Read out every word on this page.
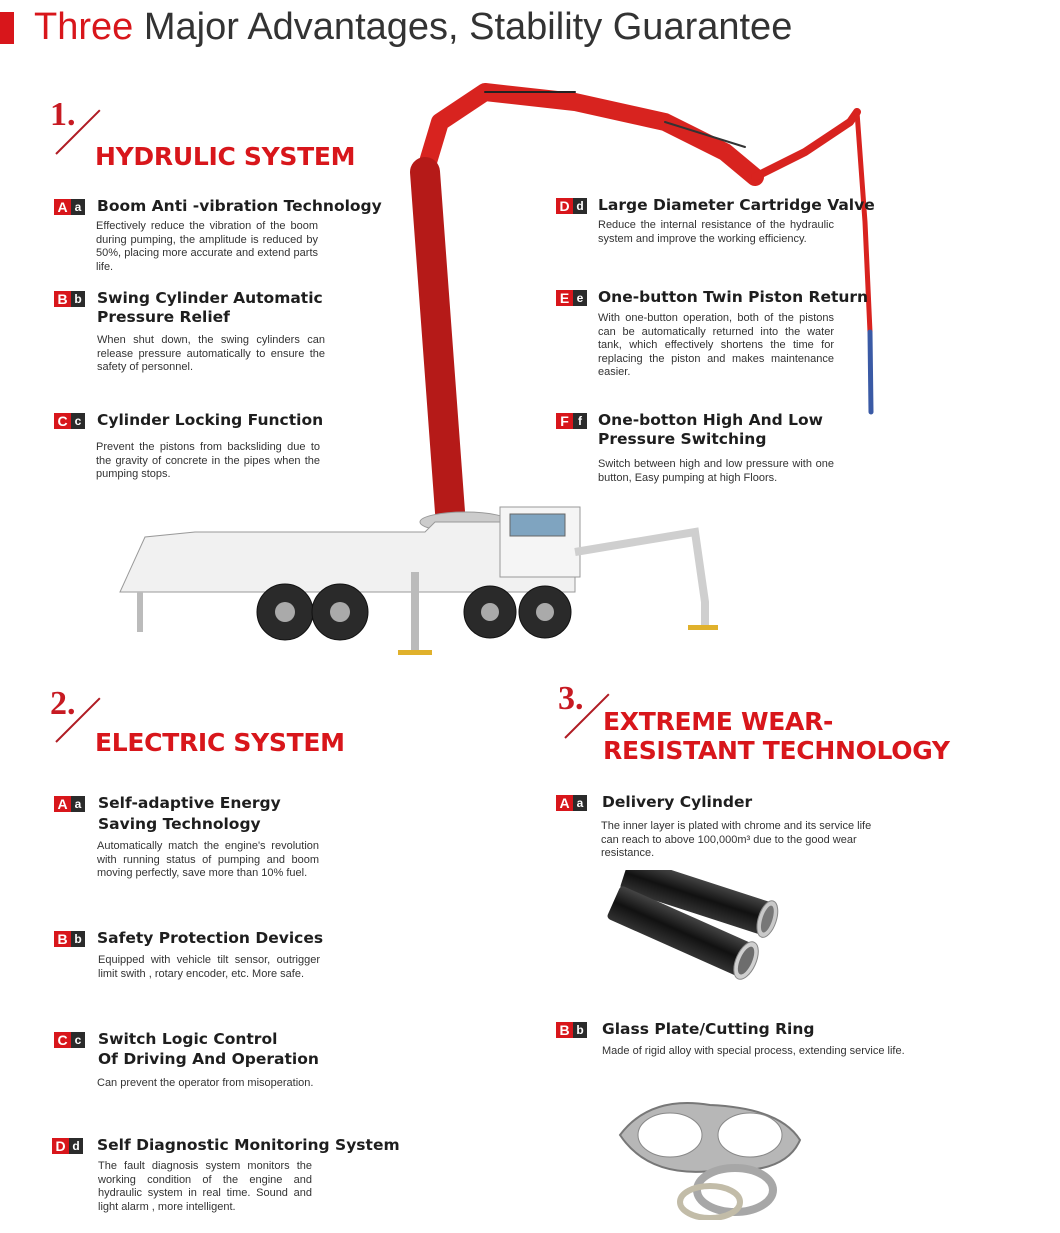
Three Major Advantages, Stability Guarantee
1.
HYDRULIC SYSTEM
A a Boom Anti -vibration Technology
Effectively reduce the vibration of the boom during pumping, the amplitude is reduced by 50%, placing more accurate and extend parts life.
B b Swing Cylinder Automatic
Pressure Relief
When shut down, the swing cylinders can release pressure automatically to ensure the safety of personnel.
C c Cylinder Locking Function
Prevent the pistons from backsliding due to the gravity of concrete in the pipes when the pumping stops.
D d Large Diameter Cartridge Valve
Reduce the internal resistance of the hydraulic system and improve the working efficiency.
E e One-button Twin Piston Return
With one-button operation, both of the pistons can be automatically returned into the water tank, which effectively shortens the time for replacing the piston and makes maintenance easier.
F f	One-botton High And Low
Pressure Switching
Switch between high and low pressure with one button, Easy pumping at high Floors.
2.
ELECTRIC SYSTEM
A a Self-adaptive Energy
Saving Technology
Automatically match the engine's revolution with running status of pumping and boom moving perfectly, save more than 10% fuel.
B b Safety Protection Devices
Equipped with vehicle tilt sensor, outrigger limit swith , rotary encoder, etc. More safe.
C c Switch Logic Control
Of Driving And Operation
Can prevent the operator from misoperation.
D d Self Diagnostic Monitoring System
The fault diagnosis system monitors the working condition of the engine and hydraulic system in real time. Sound and light alarm , more intelligent.
3.
EXTREME WEAR-
RESISTANT TECHNOLOGY
A a Delivery Cylinder
The inner layer is plated with chrome and its service life can reach to above 100,000m³ due to the good wear resistance.
B b Glass Plate/Cutting Ring
Made of rigid alloy with special process, extending service life.
